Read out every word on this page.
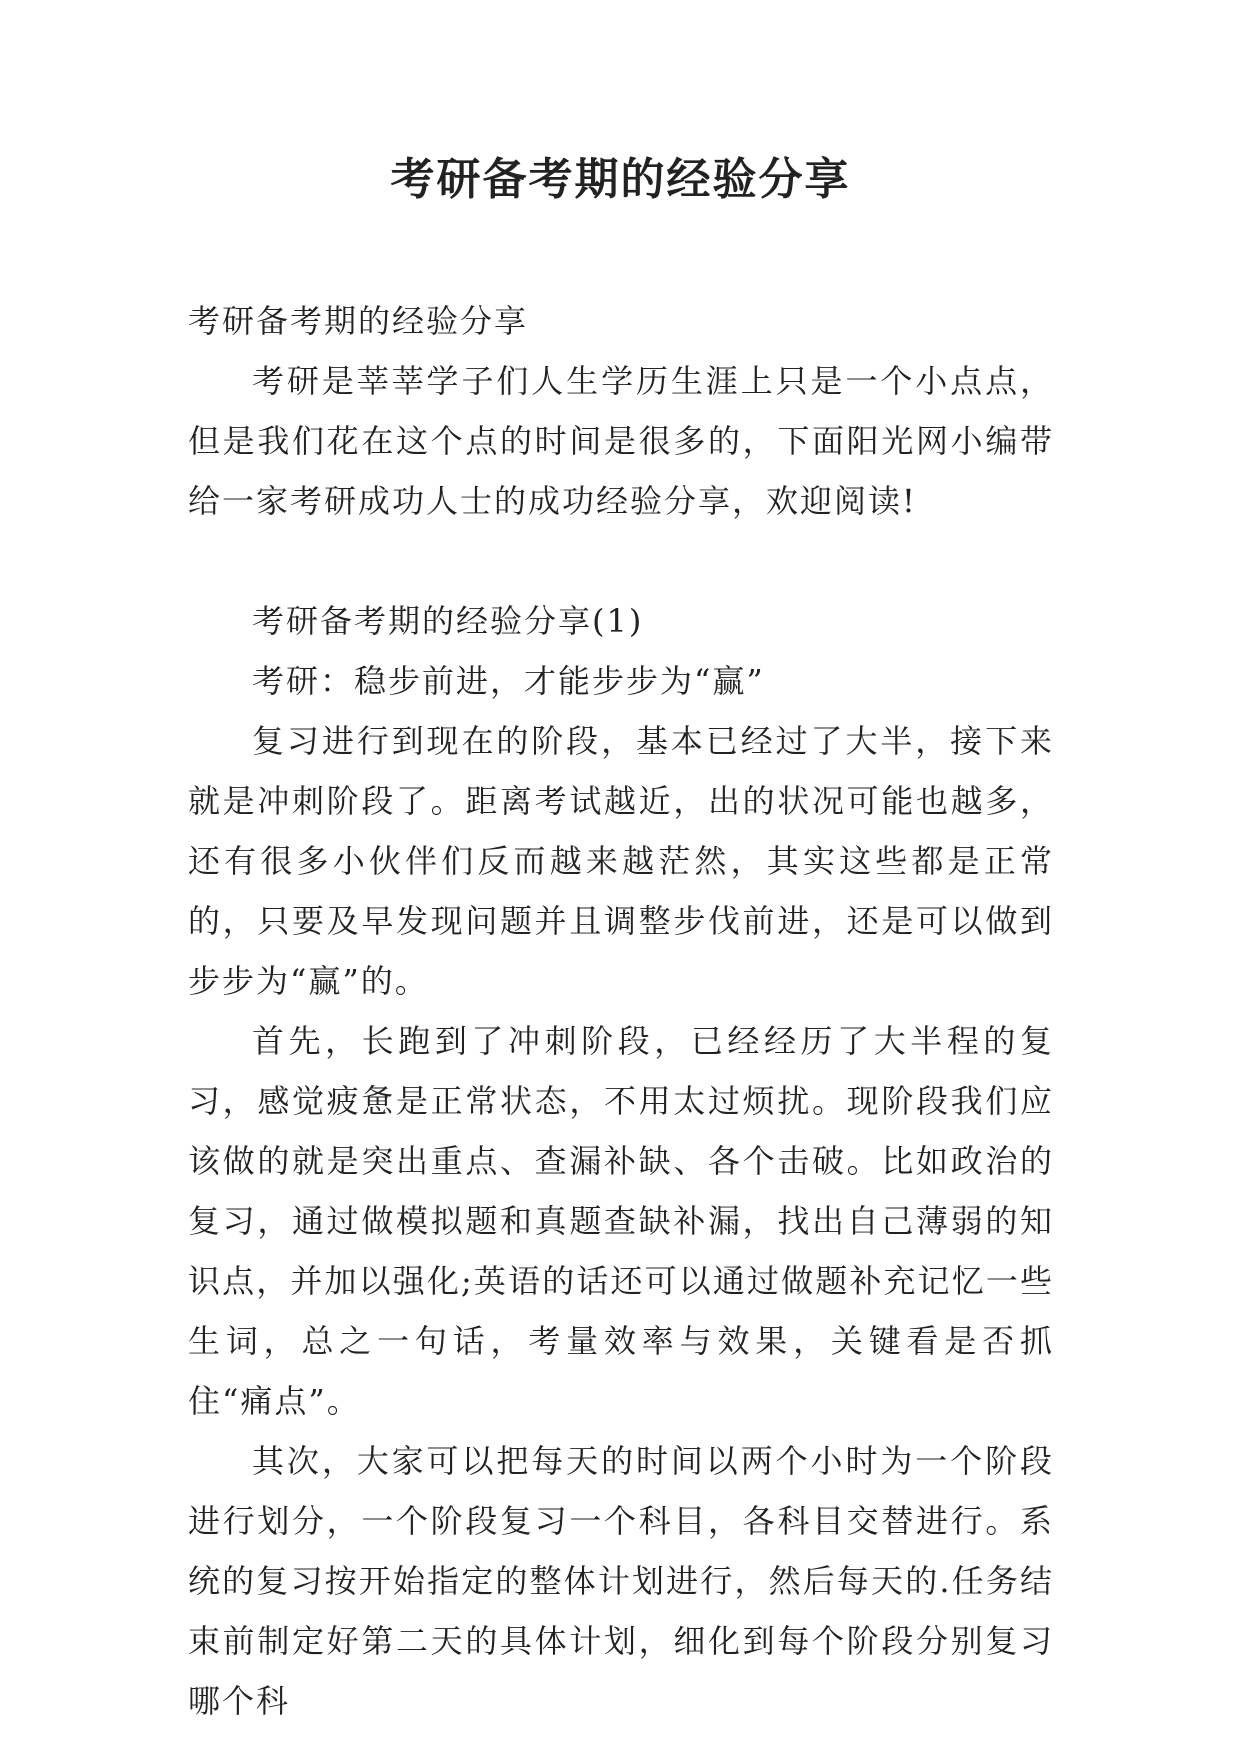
考研备考期的经验分享

考研备考期的经验分享

考研是莘莘学子们人生学历生涯上只是一个小点点，但是我们花在这个点的时间是很多的，下面阳光网小编带给一家考研成功人士的成功经验分享，欢迎阅读!

考研备考期的经验分享(1)

考研：稳步前进，才能步步为“赢”

复习进行到现在的阶段，基本已经过了大半，接下来就是冲刺阶段了。距离考试越近，出的状况可能也越多，还有很多小伙伴们反而越来越茫然，其实这些都是正常的，只要及早发现问题并且调整步伐前进，还是可以做到步步为“赢”的。

首先，长跑到了冲刺阶段，已经经历了大半程的复习，感觉疲惫是正常状态，不用太过烦扰。现阶段我们应该做的就是突出重点、查漏补缺、各个击破。比如政治的复习，通过做模拟题和真题查缺补漏，找出自己薄弱的知识点，并加以强化;英语的话还可以通过做题补充记忆一些生词，总之一句话，考量效率与效果，关键看是否抓住“痛点”。

其次，大家可以把每天的时间以两个小时为一个阶段进行划分，一个阶段复习一个科目，各科目交替进行。系统的复习按开始指定的整体计划进行，然后每天的.任务结束前制定好第二天的具体计划，细化到每个阶段分别复习哪个科
